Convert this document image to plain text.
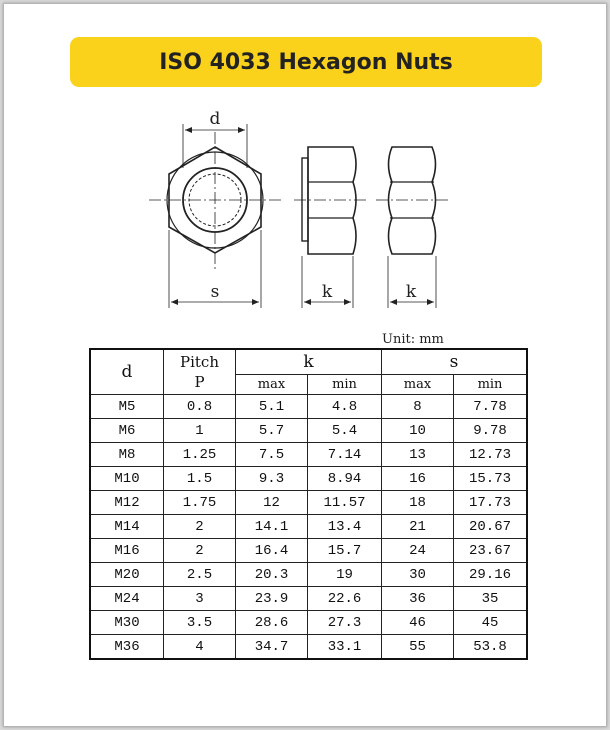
ISO 4033 Hexagon Nuts
d
s	k	k
Unit: mm
d	Pitch
P	k		s	
		max	min	max	min
M5	0.8	5.1	4.8	8	7.78
M6	1	5.7	5.4	10	9.78
M8	1.25	7.5	7.14	13	12.73
M10	1.5	9.3	8.94	16	15.73
M12	1.75	12	11.57	18	17.73
M14	2	14.1	13.4	21	20.67
M16	2	16.4	15.7	24	23.67
M20	2.5	20.3	19	30	29.16
M24	3	23.9	22.6	36	35
M30	3.5	28.6	27.3	46	45
M36	4	34.7	33.1	55	53.8
